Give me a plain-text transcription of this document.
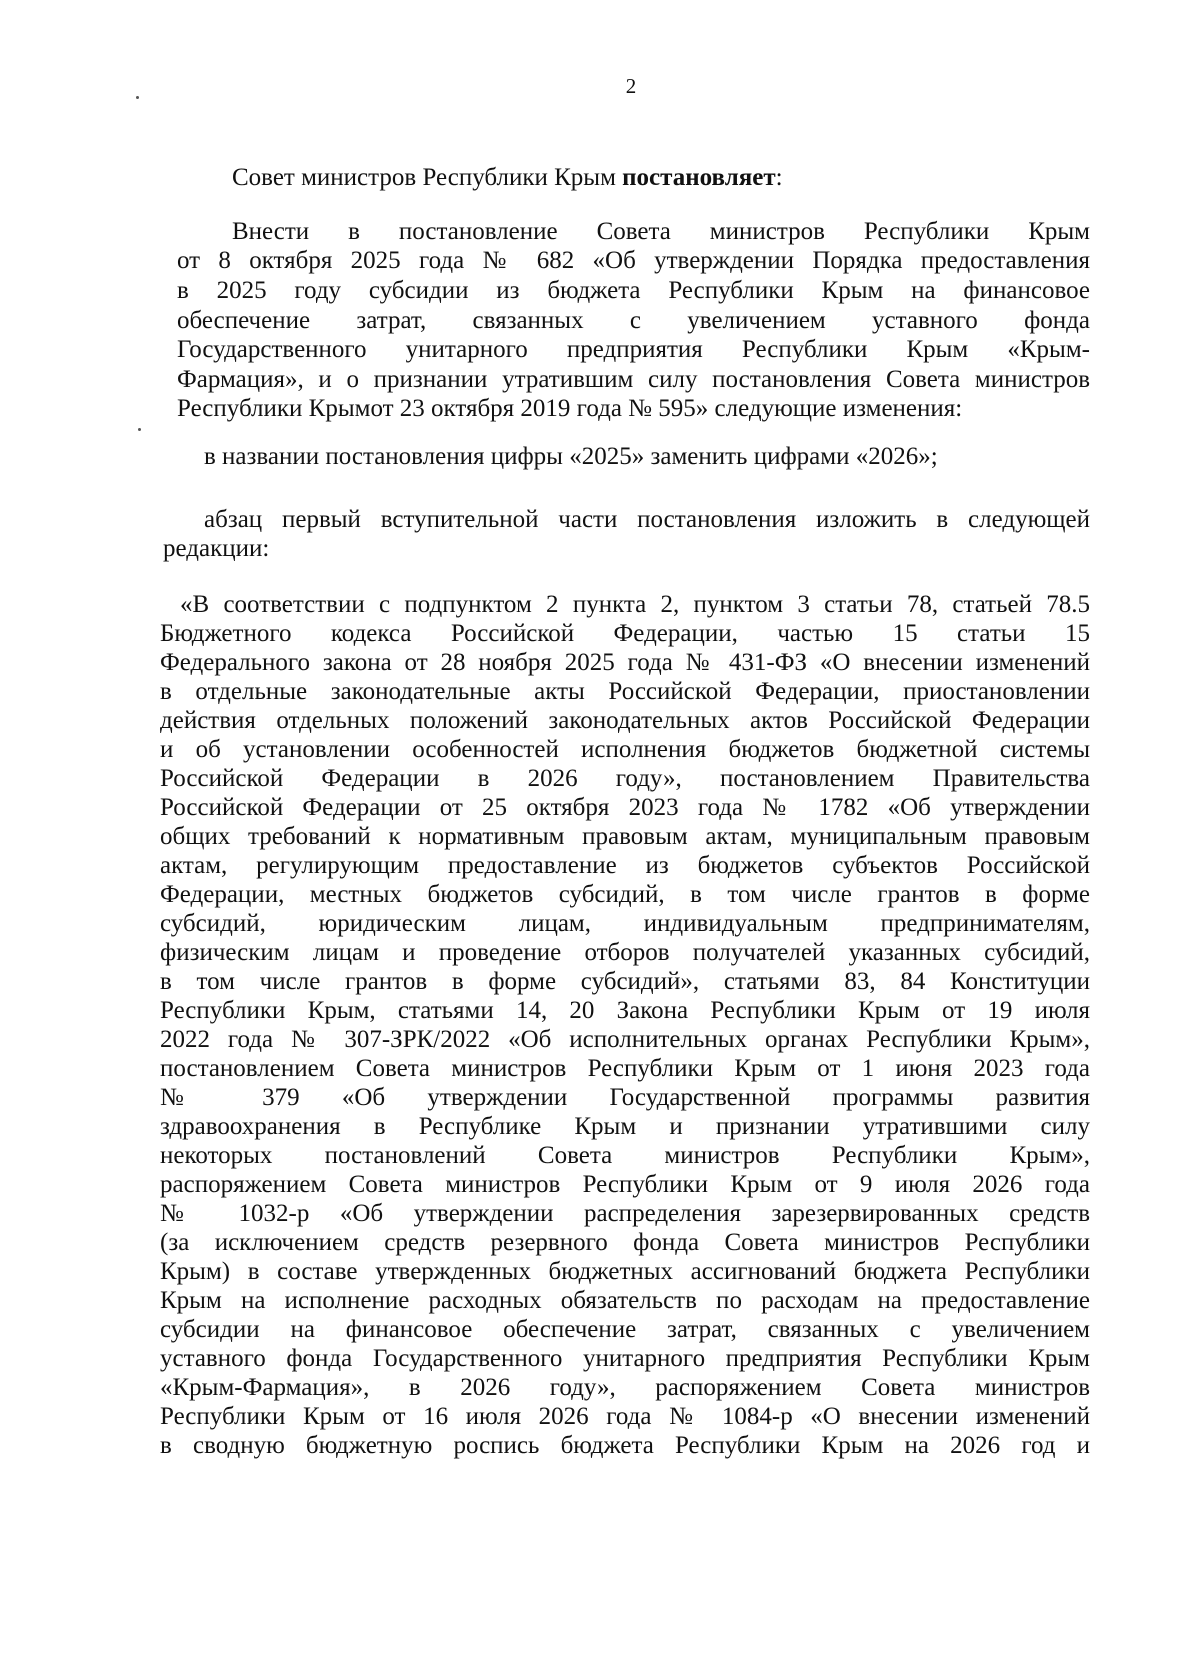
2
Совет министров Республики Крым постановляет:
Внести в постановление Совета министров Республики Крым
от 8 октября 2025 года № 682 «Об утверждении Порядка предоставления
в 2025 году субсидии из бюджета Республики Крым на финансовое
обеспечение затрат, связанных с увеличением уставного фонда
Государственного унитарного предприятия Республики Крым «Крым-
Фармация», и о признании утратившим силу постановления Совета министров
Республики Крымот 23 октября 2019 года № 595» следующие изменения:
в названии постановления цифры «2025» заменить цифрами «2026»;
абзац первый вступительной части постановления изложить в следующей
редакции:
«В соответствии с подпунктом 2 пункта 2, пунктом 3 статьи 78, статьей 78.5
Бюджетного кодекса Российской Федерации, частью 15 статьи 15
Федерального закона от 28 ноября 2025 года № 431-ФЗ «О внесении изменений
в отдельные законодательные акты Российской Федерации, приостановлении
действия отдельных положений законодательных актов Российской Федерации
и об установлении особенностей исполнения бюджетов бюджетной системы
Российской Федерации в 2026 году», постановлением Правительства
Российской Федерации от 25 октября 2023 года № 1782 «Об утверждении
общих требований к нормативным правовым актам, муниципальным правовым
актам, регулирующим предоставление из бюджетов субъектов Российской
Федерации, местных бюджетов субсидий, в том числе грантов в форме
субсидий, юридическим лицам, индивидуальным предпринимателям,
физическим лицам и проведение отборов получателей указанных субсидий,
в том числе грантов в форме субсидий», статьями 83, 84 Конституции
Республики Крым, статьями 14, 20 Закона Республики Крым от 19 июля
2022 года № 307-ЗРК/2022 «Об исполнительных органах Республики Крым»,
постановлением Совета министров Республики Крым от 1 июня 2023 года
№ 379 «Об утверждении Государственной программы развития
здравоохранения в Республике Крым и признании утратившими силу
некоторых постановлений Совета министров Республики Крым»,
распоряжением Совета министров Республики Крым от 9 июля 2026 года
№ 1032-р «Об утверждении распределения зарезервированных средств
(за исключением средств резервного фонда Совета министров Республики
Крым) в составе утвержденных бюджетных ассигнований бюджета Республики
Крым на исполнение расходных обязательств по расходам на предоставление
субсидии на финансовое обеспечение затрат, связанных с увеличением
уставного фонда Государственного унитарного предприятия Республики Крым
«Крым-Фармация», в 2026 году», распоряжением Совета министров
Республики Крым от 16 июля 2026 года № 1084-р «О внесении изменений
в сводную бюджетную роспись бюджета Республики Крым на 2026 год и
